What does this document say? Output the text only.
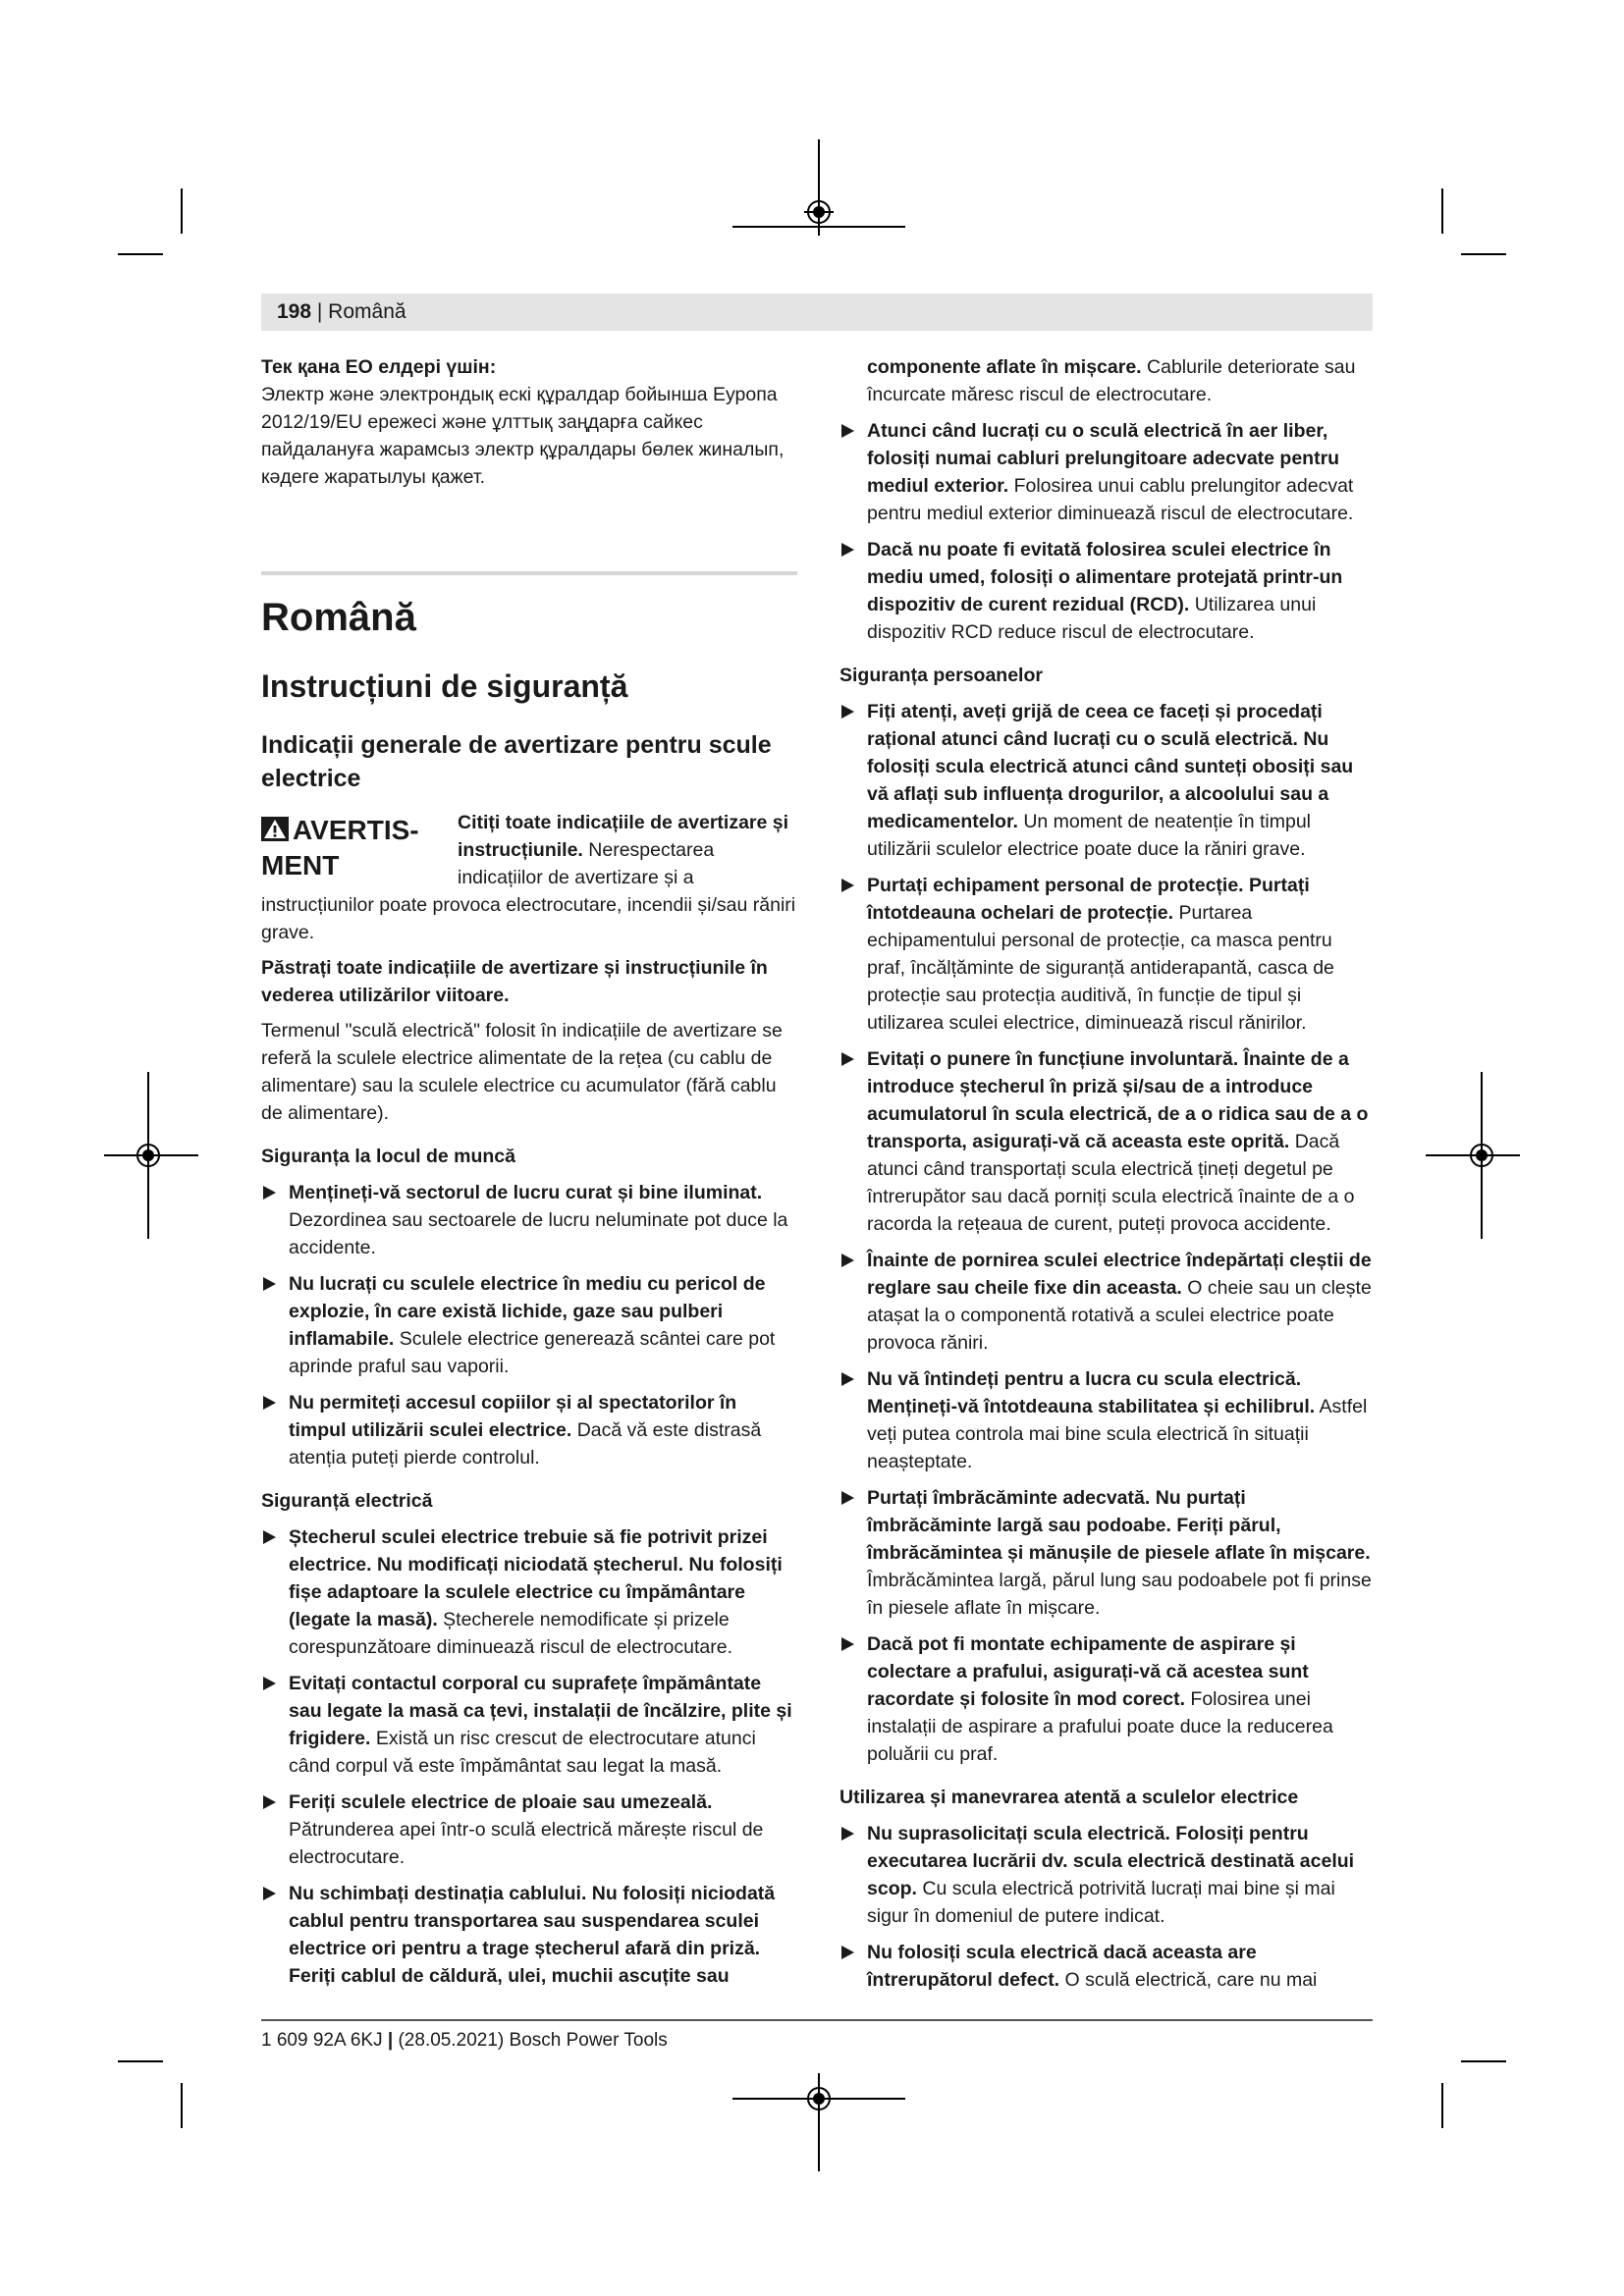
198 | Română

Тек қана ЕО елдері үшін:

Электр және электрондық ескі құралдар бойынша Еуропа 2012/19/EU ережесі және ұлттық заңдарға сайкес пайдалануға жарамсыз электр құралдары бөлек жиналып, кәдеге жаратылуы қажет.

Română
Instrucțiuni de siguranță
Indicații generale de avertizare pentru scule electrice
AVERTIS-MENT

Citiți toate indicațiile de avertizare și instrucțiunile. Nerespectarea indicațiilor de avertizare și a instrucțiunilor poate provoca electrocutare, incendii și/sau răniri grave.

Păstrați toate indicațiile de avertizare și instrucțiunile în vederea utilizărilor viitoare.

Termenul "sculă electrică" folosit în indicațiile de avertizare se referă la sculele electrice alimentate de la rețea (cu cablu de alimentare) sau la sculele electrice cu acumulator (fără cablu de alimentare).

Siguranța la locul de muncă

Mențineți-vă sectorul de lucru curat și bine iluminat. Dezordinea sau sectoarele de lucru neluminate pot duce la accidente.

Nu lucrați cu sculele electrice în mediu cu pericol de explozie, în care există lichide, gaze sau pulberi inflamabile. Sculele electrice generează scântei care pot aprinde praful sau vaporii.

Nu permiteți accesul copiilor și al spectatorilor în timpul utilizării sculei electrice. Dacă vă este distrasă atenția puteți pierde controlul.

Siguranță electrică

Ștecherul sculei electrice trebuie să fie potrivit prizei electrice. Nu modificați niciodată ștecherul. Nu folosiți fișe adaptoare la sculele electrice cu împământare (legate la masă). Ștecherele nemodificate și prizele corespunzătoare diminuează riscul de electrocutare.

Evitați contactul corporal cu suprafețe împământate sau legate la masă ca țevi, instalații de încălzire, plite și frigidere. Există un risc crescut de electrocutare atunci când corpul vă este împământat sau legat la masă.

Feriți sculele electrice de ploaie sau umezeală. Pătrunderea apei într-o sculă electrică mărește riscul de electrocutare.

Nu schimbați destinația cablului. Nu folosiți niciodată cablul pentru transportarea sau suspendarea sculei electrice ori pentru a trage ștecherul afară din priză. Feriți cablul de căldură, ulei, muchii ascuțite sau

componente aflate în mișcare. Cablurile deteriorate sau încurcate măresc riscul de electrocutare.

Atunci când lucrați cu o sculă electrică în aer liber, folosiți numai cabluri prelungitoare adecvate pentru mediul exterior. Folosirea unui cablu prelungitor adecvat pentru mediul exterior diminuează riscul de electrocutare.

Dacă nu poate fi evitată folosirea sculei electrice în mediu umed, folosiți o alimentare protejată printr-un dispozitiv de curent rezidual (RCD). Utilizarea unui dispozitiv RCD reduce riscul de electrocutare.

Siguranța persoanelor

Fiți atenți, aveți grijă de ceea ce faceți și procedați rațional atunci când lucrați cu o sculă electrică. Nu folosiți scula electrică atunci când sunteți obosiți sau vă aflați sub influența drogurilor, a alcoolului sau a medicamentelor. Un moment de neatenție în timpul utilizării sculelor electrice poate duce la răniri grave.

Purtați echipament personal de protecție. Purtați întotdeauna ochelari de protecție. Purtarea echipamentului personal de protecție, ca masca pentru praf, încălțăminte de siguranță antiderapantă, casca de protecție sau protecția auditivă, în funcție de tipul și utilizarea sculei electrice, diminuează riscul rănirilor.

Evitați o punere în funcțiune involuntară. Înainte de a introduce ștecherul în priză și/sau de a introduce acumulatorul în scula electrică, de a o ridica sau de a o transporta, asigurați-vă că aceasta este oprită. Dacă atunci când transportați scula electrică țineți degetul pe întrerupător sau dacă porniți scula electrică înainte de a o racorda la rețeaua de curent, puteți provoca accidente.

Înainte de pornirea sculei electrice îndepărtați cleștii de reglare sau cheile fixe din aceasta. O cheie sau un clește atașat la o componentă rotativă a sculei electrice poate provoca răniri.

Nu vă întindeți pentru a lucra cu scula electrică. Mențineți-vă întotdeauna stabilitatea și echilibrul. Astfel veți putea controla mai bine scula electrică în situații neașteptate.

Purtați îmbrăcăminte adecvată. Nu purtați îmbrăcăminte largă sau podoabe. Feriți părul, îmbrăcămintea și mănușile de piesele aflate în mișcare. Îmbrăcămintea largă, părul lung sau podoabele pot fi prinse în piesele aflate în mișcare.

Dacă pot fi montate echipamente de aspirare și colectare a prafului, asigurați-vă că acestea sunt racordate și folosite în mod corect. Folosirea unei instalații de aspirare a prafului poate duce la reducerea poluării cu praf.

Utilizarea și manevrarea atentă a sculelor electrice

Nu suprasolicitați scula electrică. Folosiți pentru executarea lucrării dv. scula electrică destinată acelui scop. Cu scula electrică potrivită lucrați mai bine și mai sigur în domeniul de putere indicat.

Nu folosiți scula electrică dacă aceasta are întrerupătorul defect. O sculă electrică, care nu mai

1 609 92A 6KJ | (28.05.2021) Bosch Power Tools
